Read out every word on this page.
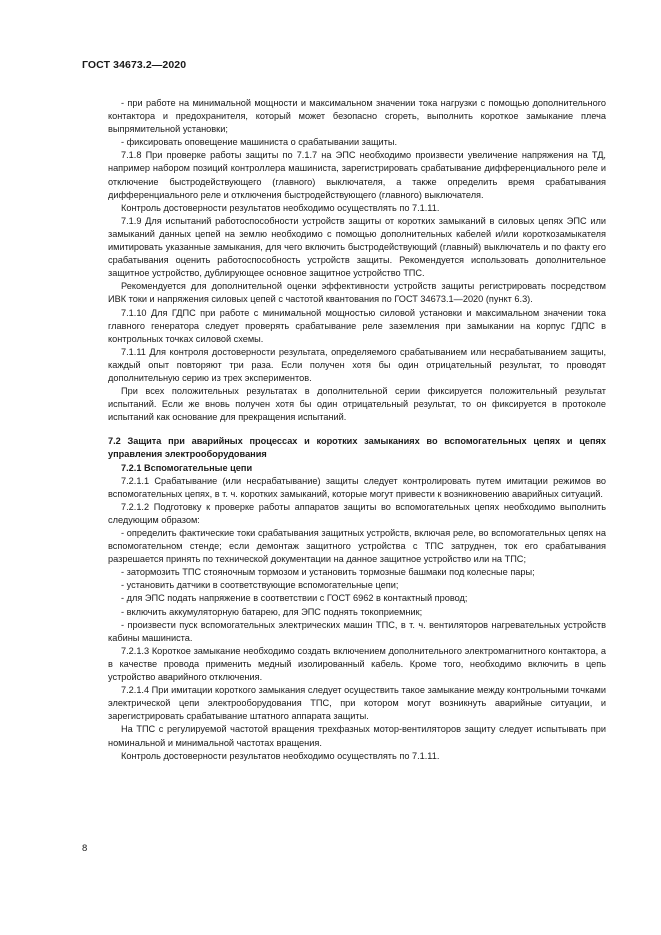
ГОСТ 34673.2—2020

- при работе на минимальной мощности и максимальном значении тока нагрузки с помощью дополнительного контактора и предохранителя, который может безопасно сгореть, выполнить короткое замыкание плеча выпрямительной установки;

- фиксировать оповещение машиниста о срабатывании защиты.

7.1.8 При проверке работы защиты по 7.1.7 на ЭПС необходимо произвести увеличение напряжения на ТД, например набором позиций контроллера машиниста, зарегистрировать срабатывание дифференциального реле и отключение быстродействующего (главного) выключателя, а также определить время срабатывания дифференциального реле и отключения быстродействующего (главного) выключателя.

Контроль достоверности результатов необходимо осуществлять по 7.1.11.

7.1.9 Для испытаний работоспособности устройств защиты от коротких замыканий в силовых цепях ЭПС или замыканий данных цепей на землю необходимо с помощью дополнительных кабелей и/или короткозамыкателя имитировать указанные замыкания, для чего включить быстродействующий (главный) выключатель и по факту его срабатывания оценить работоспособность устройств защиты. Рекомендуется использовать дополнительное защитное устройство, дублирующее основное защитное устройство ТПС.

Рекомендуется для дополнительной оценки эффективности устройств защиты регистрировать посредством ИВК токи и напряжения силовых цепей с частотой квантования по ГОСТ 34673.1—2020 (пункт 6.3).

7.1.10 Для ГДПС при работе с минимальной мощностью силовой установки и максимальном значении тока главного генератора следует проверять срабатывание реле заземления при замыкании на корпус ГДПС в контрольных точках силовой схемы.

7.1.11 Для контроля достоверности результата, определяемого срабатыванием или несрабатыванием защиты, каждый опыт повторяют три раза. Если получен хотя бы один отрицательный результат, то проводят дополнительную серию из трех экспериментов.

При всех положительных результатах в дополнительной серии фиксируется положительный результат испытаний. Если же вновь получен хотя бы один отрицательный результат, то он фиксируется в протоколе испытаний как основание для прекращения испытаний.

7.2 Защита при аварийных процессах и коротких замыканиях во вспомогательных цепях и цепях управления электрооборудования

7.2.1 Вспомогательные цепи

7.2.1.1 Срабатывание (или несрабатывание) защиты следует контролировать путем имитации режимов во вспомогательных цепях, в т. ч. коротких замыканий, которые могут привести к возникновению аварийных ситуаций.

7.2.1.2 Подготовку к проверке работы аппаратов защиты во вспомогательных цепях необходимо выполнить следующим образом:

- определить фактические токи срабатывания защитных устройств, включая реле, во вспомогательных цепях на вспомогательном стенде; если демонтаж защитного устройства с ТПС затруднен, ток его срабатывания разрешается принять по технической документации на данное защитное устройство или на ТПС;

- затормозить ТПС стояночным тормозом и установить тормозные башмаки под колесные пары;

- установить датчики в соответствующие вспомогательные цепи;

- для ЭПС подать напряжение в соответствии с ГОСТ 6962 в контактный провод;

- включить аккумуляторную батарею, для ЭПС поднять токоприемник;

- произвести пуск вспомогательных электрических машин ТПС, в т. ч. вентиляторов нагревательных устройств кабины машиниста.

7.2.1.3 Короткое замыкание необходимо создать включением дополнительного электромагнитного контактора, а в качестве провода применить медный изолированный кабель. Кроме того, необходимо включить в цепь устройство аварийного отключения.

7.2.1.4 При имитации короткого замыкания следует осуществить такое замыкание между контрольными точками электрической цепи электрооборудования ТПС, при котором могут возникнуть аварийные ситуации, и зарегистрировать срабатывание штатного аппарата защиты.

На ТПС с регулируемой частотой вращения трехфазных мотор-вентиляторов защиту следует испытывать при номинальной и минимальной частотах вращения.

Контроль достоверности результатов необходимо осуществлять по 7.1.11.

8
